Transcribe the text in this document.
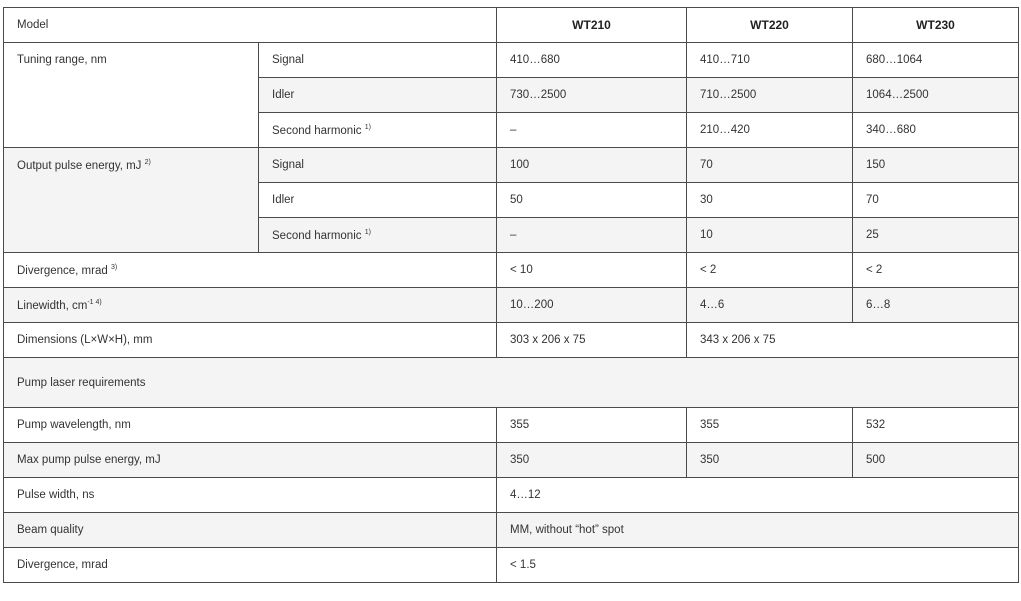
Model		WT210	WT220	WT230
Tuning range, nm	Signal	410…680	410…710	680…1064
	Idler	730…2500	710…2500	1064…2500
	Second harmonic $^{1)}$	–	210…420	340…680
Output pulse energy, mJ $^{2)}$	Signal	100	70	150
	Idler	50	30	70
	Second harmonic $^{1)}$	–	10	25
Divergence, mrad $^{3)}$		< 10	< 2	< 2
Linewidth, $cm^{-1 4)}$		10…200	4…6	6…8
Dimensions (L×W×H), mm		303 x 206 x 75	343 x 206 x 75	
Pump laser requirements				
Pump wavelength, nm		355	355	532
Max pump pulse energy, mJ		350	350	500
Pulse width, ns		4…12		
Beam quality		MM, without “hot” spot		
Divergence, mrad		< 1.5		
